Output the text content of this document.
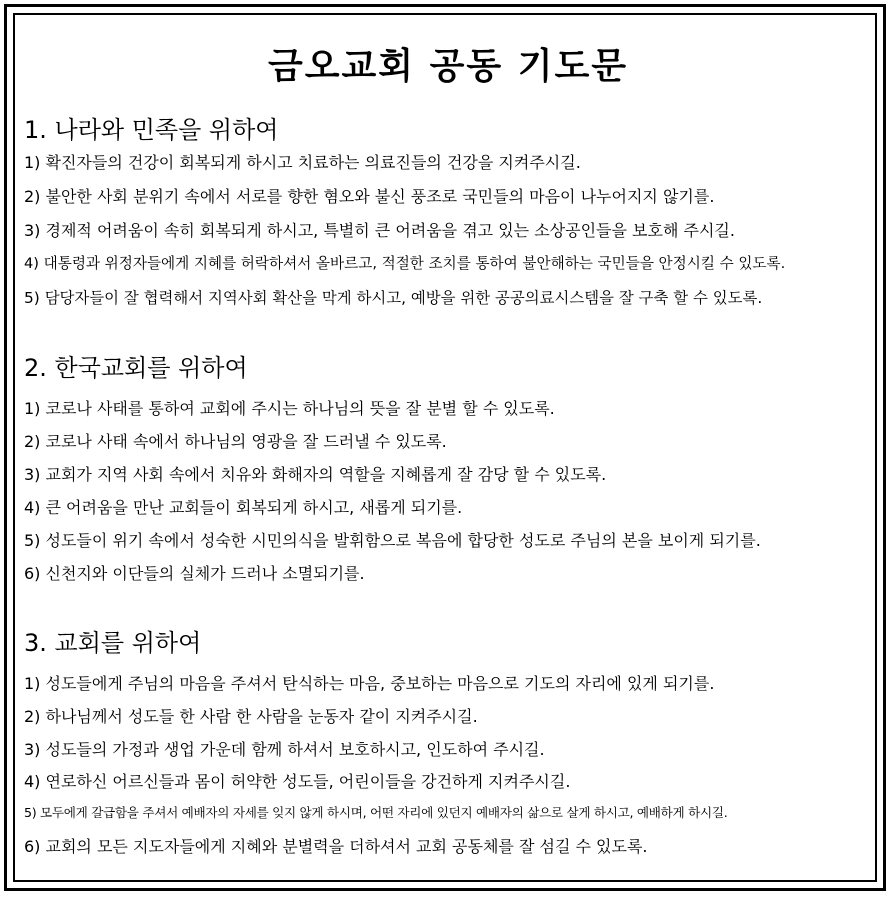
금오교회 공동 기도문
1. 나라와 민족을 위하여
1) 확진자들의 건강이 회복되게 하시고 치료하는 의료진들의 건강을 지켜주시길.
2) 불안한 사회 분위기 속에서 서로를 향한 혐오와 불신 풍조로 국민들의 마음이 나누어지지 않기를.
3) 경제적 어려움이 속히 회복되게 하시고, 특별히 큰 어려움을 겪고 있는 소상공인들을 보호해 주시길.
4) 대통령과 위정자들에게 지혜를 허락하셔서 올바르고, 적절한 조치를 통하여 불안해하는 국민들을 안정시킬 수 있도록.
5) 담당자들이 잘 협력해서 지역사회 확산을 막게 하시고, 예방을 위한 공공의료시스템을 잘 구축 할 수 있도록.
2. 한국교회를 위하여
1) 코로나 사태를 통하여 교회에 주시는 하나님의 뜻을 잘 분별 할 수 있도록.
2) 코로나 사태 속에서 하나님의 영광을 잘 드러낼 수 있도록.
3) 교회가 지역 사회 속에서 치유와 화해자의 역할을 지혜롭게 잘 감당 할 수 있도록.
4) 큰 어려움을 만난 교회들이 회복되게 하시고, 새롭게 되기를.
5) 성도들이 위기 속에서 성숙한 시민의식을 발휘함으로 복음에 합당한 성도로 주님의 본을 보이게 되기를.
6) 신천지와 이단들의 실체가 드러나 소멸되기를.
3. 교회를 위하여
1) 성도들에게 주님의 마음을 주셔서 탄식하는 마음, 중보하는 마음으로 기도의 자리에 있게 되기를.
2) 하나님께서 성도들 한 사람 한 사람을 눈동자 같이 지켜주시길.
3) 성도들의 가정과 생업 가운데 함께 하셔서 보호하시고, 인도하여 주시길.
4) 연로하신 어르신들과 몸이 허약한 성도들, 어린이들을 강건하게 지켜주시길.
5) 모두에게 갈급함을 주셔서 예배자의 자세를 잊지 않게 하시며, 어떤 자리에 있던지 예배자의 삶으로 살게 하시고, 예배하게 하시길.
6) 교회의 모든 지도자들에게 지혜와 분별력을 더하셔서 교회 공동체를 잘 섬길 수 있도록.
